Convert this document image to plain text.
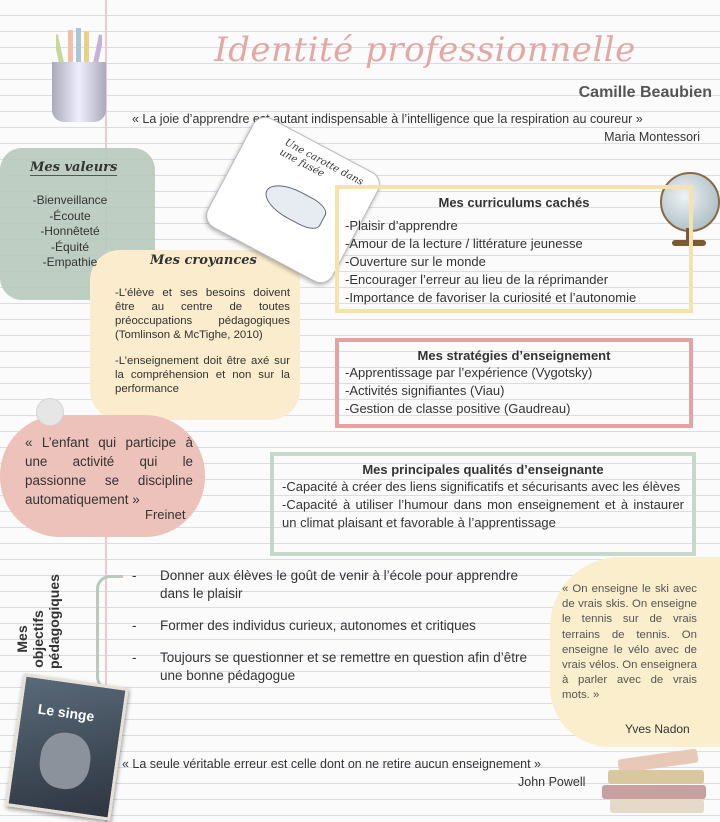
Identité professionnelle
Camille Beaubien
« La joie d’apprendre est autant indispensable à l’intelligence que la respiration au coureur »
Maria Montessori
Mes valeurs
-Bienveillance
-Écoute
-Honnêteté
-Équité
-Empathie
Une carotte dans une fusée
Mes croyances
-L’élève et ses besoins doivent être au centre de toutes préoccupations pédagogiques (Tomlinson & McTighe, 2010)
-L’enseignement doit être axé sur la compréhension et non sur la performance
Mes curriculums cachés
-Plaisir d’apprendre
-Amour de la lecture / littérature jeunesse
-Ouverture sur le monde
-Encourager l’erreur au lieu de la réprimander
-Importance de favoriser la curiosité et l’autonomie
Mes stratégies d’enseignement
-Apprentissage par l’expérience (Vygotsky)
-Activités signifiantes (Viau)
-Gestion de classe positive (Gaudreau)
« L’enfant qui participe à une activité qui le passionne se discipline automatiquement »
Freinet
Mes principales qualités d’enseignante
-Capacité à créer des liens significatifs et sécurisants avec les élèves
-Capacité à utiliser l’humour dans mon enseignement et à instaurer un climat plaisant et favorable à l’apprentissage
Mes objectifs pédagogiques	-	Donner aux élèves le goût de venir à l’école pour apprendre dans le plaisir
-	Former des individus curieux, autonomes et critiques
-	Toujours se questionner et se remettre en question afin d’être une bonne pédagogue
« On enseigne le ski avec de vrais skis. On enseigne le tennis sur de vrais terrains de tennis. On enseigne le vélo avec de vrais vélos. On enseignera à parler avec de vrais mots. »
Yves Nadon
Le singe
« La seule véritable erreur est celle dont on ne retire aucun enseignement »
John Powell
